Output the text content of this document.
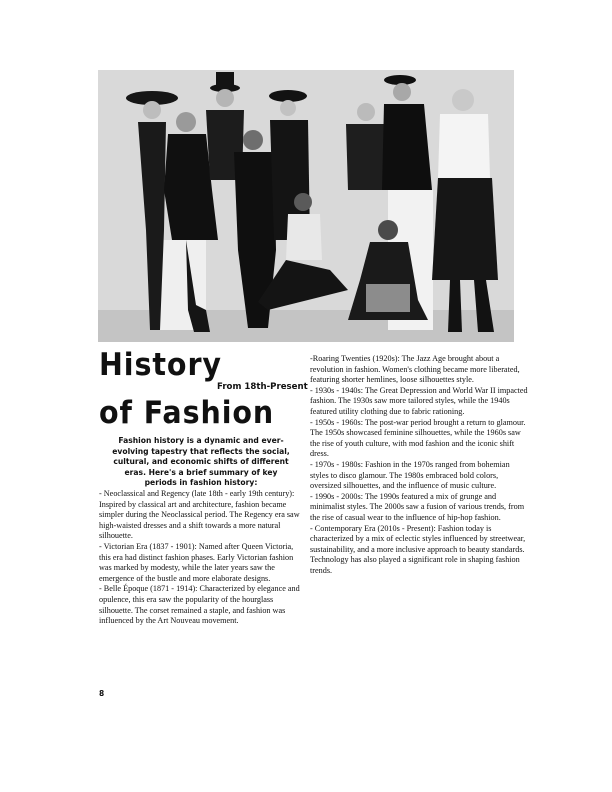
History
From 18th-Present
of Fashion
Fashion history is a dynamic and ever-evolving tapestry that reflects the social, cultural, and economic shifts of different eras. Here's a brief summary of key periods in fashion history:

- Neoclassical and Regency (late 18th - early 19th century): Inspired by classical art and architecture, fashion became simpler during the Neoclassical period. The Regency era saw high-waisted dresses and a shift towards a more natural silhouette.

- Victorian Era (1837 - 1901): Named after Queen Victoria, this era had distinct fashion phases. Early Victorian fashion was marked by modesty, while the later years saw the emergence of the bustle and more elaborate designs.

- Belle Époque (1871 - 1914): Characterized by elegance and opulence, this era saw the popularity of the hourglass silhouette. The corset remained a staple, and fashion was influenced by the Art Nouveau movement.

-Roaring Twenties (1920s): The Jazz Age brought about a revolution in fashion. Women's clothing became more liberated, featuring shorter hemlines, loose silhouettes style.

- 1930s - 1940s: The Great Depression and World War II impacted fashion. The 1930s saw more tailored styles, while the 1940s featured utility clothing due to fabric rationing.

- 1950s - 1960s: The post-war period brought a return to glamour. The 1950s showcased feminine silhouettes, while the 1960s saw the rise of youth culture, with mod fashion and the iconic shift dress.

- 1970s - 1980s: Fashion in the 1970s ranged from bohemian styles to disco glamour. The 1980s embraced bold colors, oversized silhouettes, and the influence of music culture.

- 1990s - 2000s: The 1990s featured a mix of grunge and minimalist styles. The 2000s saw a fusion of various trends, from the rise of casual wear to the influence of hip-hop fashion.

- Contemporary Era (2010s - Present): Fashion today is characterized by a mix of eclectic styles influenced by streetwear, sustainability, and a more inclusive approach to beauty standards. Technology has also played a significant role in shaping fashion trends.

8
